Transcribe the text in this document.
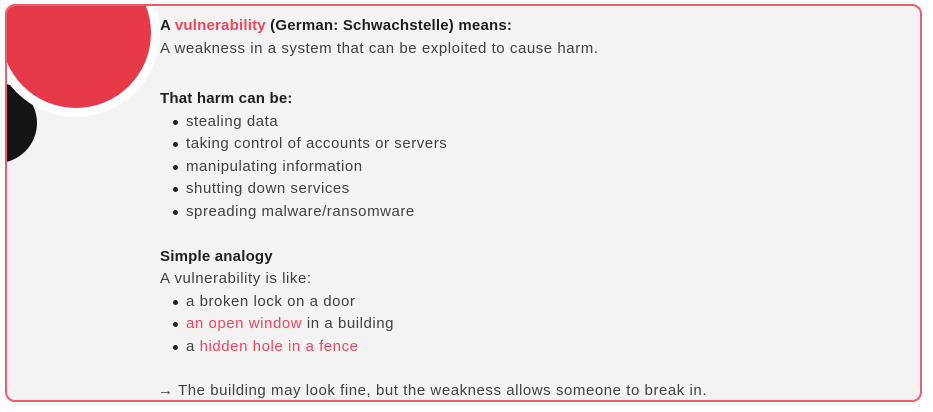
A vulnerability (German: Schwachstelle) means:

A weakness in a system that can be exploited to cause harm.

That harm can be:

stealing data
taking control of accounts or servers
manipulating information
shutting down services
spreading malware/ransomware

Simple analogy

A vulnerability is like:

a broken lock on a door
an open window in a building
a hidden hole in a fence

→ The building may look fine, but the weakness allows someone to break in.
